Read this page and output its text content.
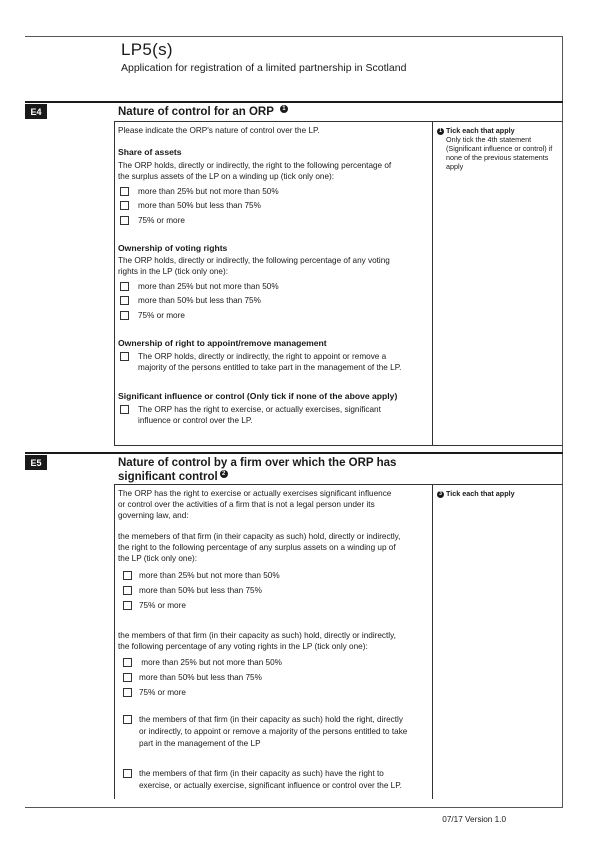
LP5(s)
Application for registration of a limited partnership in Scotland
E4	Nature of control for an ORP 1
Please indicate the ORP's nature of control over the LP.
Share of assets
The ORP holds, directly or indirectly, the right to the following percentage of
the surplus assets of the LP on a winding up (tick only one):
more than 25% but not more than 50%
more than 50% but less than 75%
75% or more
Ownership of voting rights
The ORP holds, directly or indirectly, the following percentage of any voting
rights in the LP (tick only one):
more than 25% but not more than 50%
more than 50% but less than 75%
75% or more
Ownership of right to appoint/remove management
The ORP holds, directly or indirectly, the right to appoint or remove a
majority of the persons entitled to take part in the management of the LP.
Significant influence or control (Only tick if none of the above apply)
The ORP has the right to exercise, or actually exercises, significant
influence or control over the LP.
1 Tick each that apply
Only tick the 4th statement
(Significant influence or control) if
none of the previous statements
apply
E5	Nature of control by a firm over which the ORP has
significant control 2
The ORP has the right to exercise or actually exercises significant influence
or control over the activities of a firm that is not a legal person under its
governing law, and:
the memebers of that firm (in their capacity as such) hold, directly or indirectly,
the right to the following percentage of any surplus assets on a winding up of
the LP (tick only one):
more than 25% but not more than 50%
more than 50% but less than 75%
75% or more
the members of that firm (in their capacity as such) hold, directly or indirectly,
the following percentage of any voting rights in the LP (tick only one):
more than 25% but not more than 50%
more than 50% but less than 75%
75% or more
the members of that firm (in their capacity as such) hold the right, directly
or indirectly, to appoint or remove a majority of the persons entitled to take
part in the management of the LP
the members of that firm (in their capacity as such) have the right to
exercise, or actually exercise, significant influence or control over the LP.
3 Tick each that apply
07/17 Version 1.0
